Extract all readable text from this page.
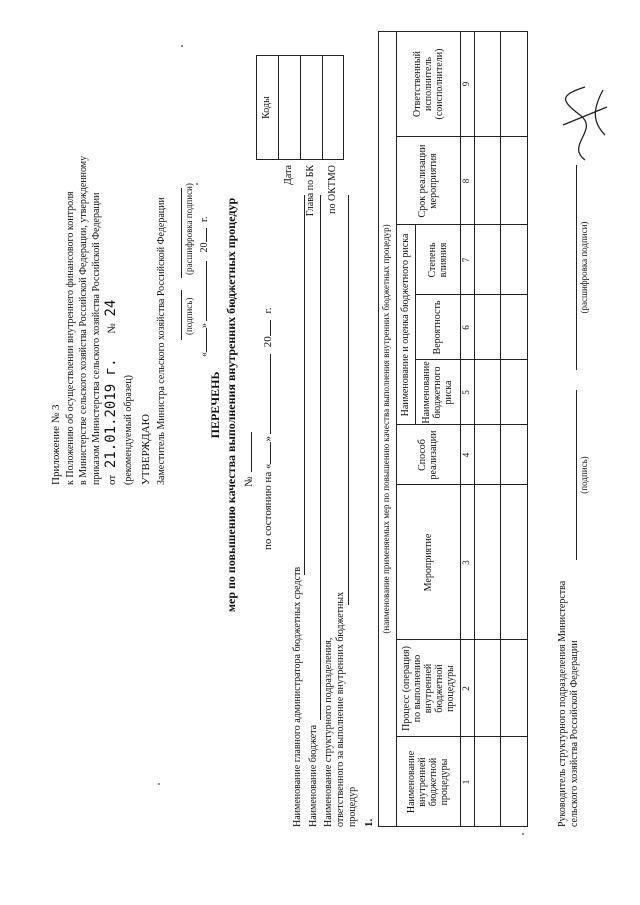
Приложение № 3 к Положению об осуществлении внутреннего финансового контроля в Министерстве сельского хозяйства Российской Федерации, утвержденному приказом Министерства сельского хозяйства Российской Федерации от 21.01.2019 г. № 24
(рекомендуемый образец) УТВЕРЖДАЮ Заместитель Министра сельского хозяйства Российской Федерации (подпись)
(расшифровка подписи)
«» 20 г.
Коды
Дата Глава по БК по ОКТМО
ПЕРЕЧЕНЬ мер по повышению качества выполнения внутренних бюджетных процедур № по состоянию на «» 20 г.
Наименование главного администратора бюджетных средств Наименование бюджета Наименование структурного подразделения, ответственного за выполнение внутренних бюджетных процедур 1.
(наименование применяемых мер по повышению качества выполнения внутренних бюджетных процедур) Наименование и оценка бюджетного риска
Наименование внутренней бюджетной процедуры
Процесс (операция) по выполнению внутренней бюджетной процедуры
Мероприятие
Способ реализации
Наименование бюджетного риска
Вероятность
Степень влияния
Срок реализации мероприятия
Ответственный исполнитель (соисполнители)
1
2
3
4
5
6
7
8
9
Руководитель структурного подразделения Министерства сельского хозяйства Российской Федерации
(подпись)
(расшифровка подписи)
